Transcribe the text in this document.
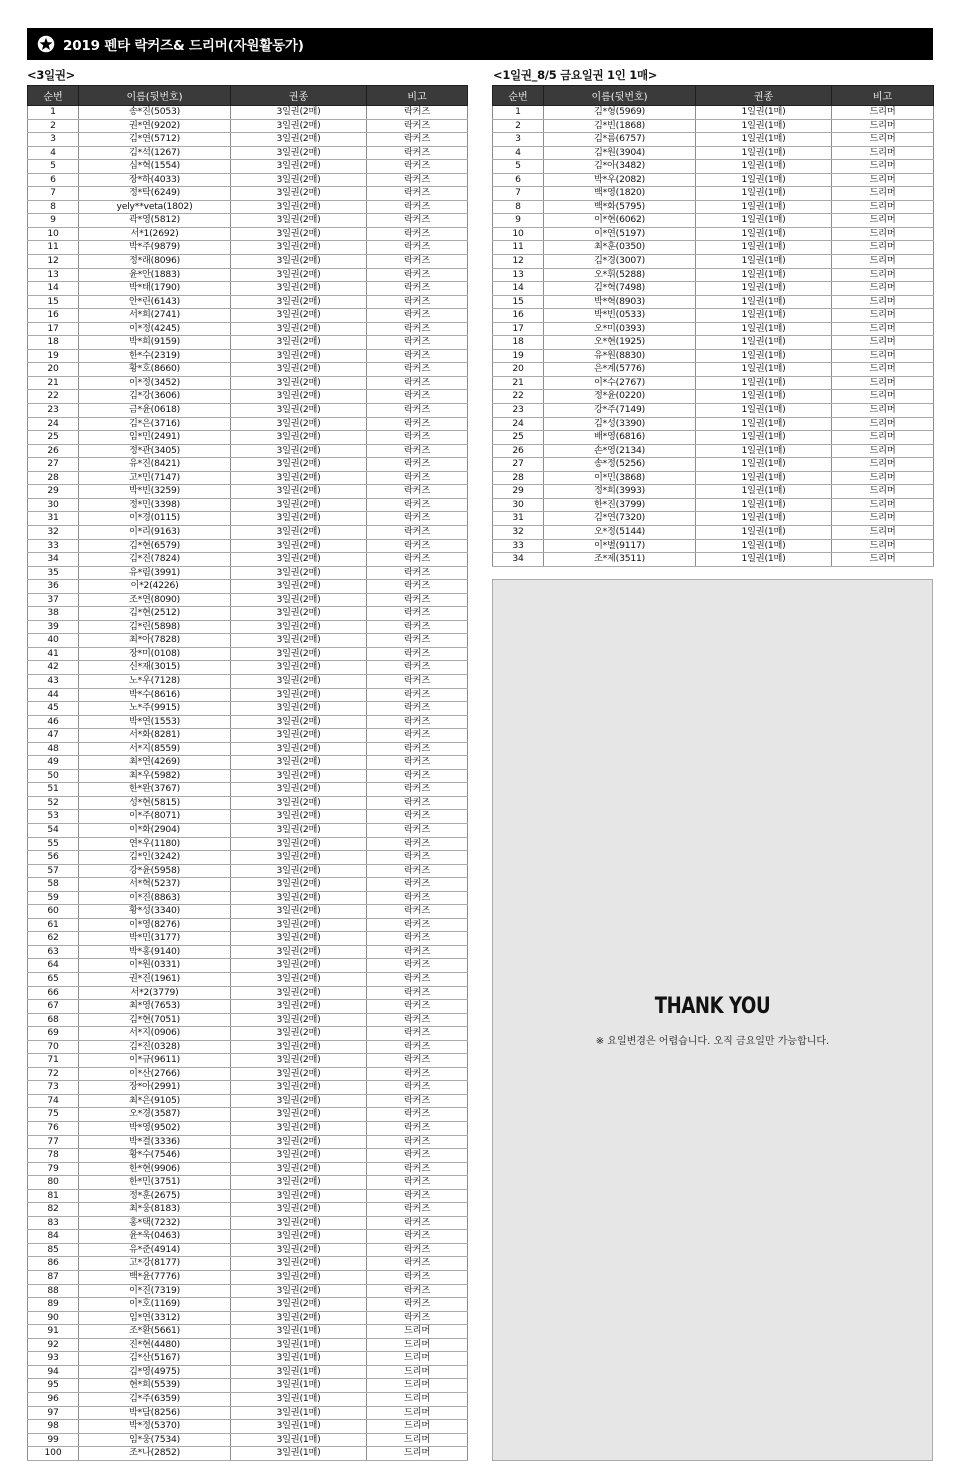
2019 펜타 락커즈& 드리머(자원활동가)
<3일권>	<1일권_8/5 금요일권 1인 1매>
순번	이름(뒷번호)	권종	비고
1	송*진(5053)	3일권(2매)	락커즈
2	권*연(9202)	3일권(2매)	락커즈
3	김*연(5712)	3일권(2매)	락커즈
4	김*석(1267)	3일권(2매)	락커즈
5	심*혁(1554)	3일권(2매)	락커즈
6	장*하(4033)	3일권(2매)	락커즈
7	정*탁(6249)	3일권(2매)	락커즈
8	yely**veta(1802)	3일권(2매)	락커즈
9	곽*영(5812)	3일권(2매)	락커즈
10	서*1(2692)	3일권(2매)	락커즈
11	박*주(9879)	3일권(2매)	락커즈
12	정*래(8096)	3일권(2매)	락커즈
13	윤*안(1883)	3일권(2매)	락커즈
14	박*태(1790)	3일권(2매)	락커즈
15	안*린(6143)	3일권(2매)	락커즈
16	서*희(2741)	3일권(2매)	락커즈
17	이*정(4245)	3일권(2매)	락커즈
18	박*희(9159)	3일권(2매)	락커즈
19	한*수(2319)	3일권(2매)	락커즈
20	황*호(8660)	3일권(2매)	락커즈
21	이*정(3452)	3일권(2매)	락커즈
22	김*강(3606)	3일권(2매)	락커즈
23	금*윤(0618)	3일권(2매)	락커즈
24	김*은(3716)	3일권(2매)	락커즈
25	임*민(2491)	3일권(2매)	락커즈
26	정*관(3405)	3일권(2매)	락커즈
27	유*진(8421)	3일권(2매)	락커즈
28	고*민(7147)	3일권(2매)	락커즈
29	박*빈(3259)	3일권(2매)	락커즈
30	정*민(3398)	3일권(2매)	락커즈
31	이*경(0115)	3일권(2매)	락커즈
32	이*리(9163)	3일권(2매)	락커즈
33	김*현(6579)	3일권(2매)	락커즈
34	김*진(7824)	3일권(2매)	락커즈
35	유*림(3991)	3일권(2매)	락커즈
36	이*2(4226)	3일권(2매)	락커즈
37	조*연(8090)	3일권(2매)	락커즈
38	김*현(2512)	3일권(2매)	락커즈
39	김*린(5898)	3일권(2매)	락커즈
40	최*아(7828)	3일권(2매)	락커즈
41	장*미(0108)	3일권(2매)	락커즈
42	신*재(3015)	3일권(2매)	락커즈
43	노*우(7128)	3일권(2매)	락커즈
44	박*수(8616)	3일권(2매)	락커즈
45	노*주(9915)	3일권(2매)	락커즈
46	박*연(1553)	3일권(2매)	락커즈
47	서*화(8281)	3일권(2매)	락커즈
48	서*지(8559)	3일권(2매)	락커즈
49	최*연(4269)	3일권(2매)	락커즈
50	최*우(5982)	3일권(2매)	락커즈
51	한*완(3767)	3일권(2매)	락커즈
52	성*현(5815)	3일권(2매)	락커즈
53	이*주(8071)	3일권(2매)	락커즈
54	이*화(2904)	3일권(2매)	락커즈
55	연*우(1180)	3일권(2매)	락커즈
56	김*인(3242)	3일권(2매)	락커즈
57	강*윤(5958)	3일권(2매)	락커즈
58	서*혁(5237)	3일권(2매)	락커즈
59	이*진(8863)	3일권(2매)	락커즈
60	황*성(3340)	3일권(2매)	락커즈
61	이*영(8276)	3일권(2매)	락커즈
62	박*민(3177)	3일권(2매)	락커즈
63	박*홍(9140)	3일권(2매)	락커즈
64	이*원(0331)	3일권(2매)	락커즈
65	권*진(1961)	3일권(2매)	락커즈
66	서*2(3779)	3일권(2매)	락커즈
67	최*영(7653)	3일권(2매)	락커즈
68	김*현(7051)	3일권(2매)	락커즈
69	서*지(0906)	3일권(2매)	락커즈
70	김*진(0328)	3일권(2매)	락커즈
71	이*규(9611)	3일권(2매)	락커즈
72	이*산(2766)	3일권(2매)	락커즈
73	장*아(2991)	3일권(2매)	락커즈
74	최*은(9105)	3일권(2매)	락커즈
75	오*경(3587)	3일권(2매)	락커즈
76	박*영(9502)	3일권(2매)	락커즈
77	박*결(3336)	3일권(2매)	락커즈
78	황*수(7546)	3일권(2매)	락커즈
79	한*현(9906)	3일권(2매)	락커즈
80	한*민(3751)	3일권(2매)	락커즈
81	정*훈(2675)	3일권(2매)	락커즈
82	최*웅(8183)	3일권(2매)	락커즈
83	홍*택(7232)	3일권(2매)	락커즈
84	윤*욱(0463)	3일권(2매)	락커즈
85	유*준(4914)	3일권(2매)	락커즈
86	고*강(8177)	3일권(2매)	락커즈
87	백*윤(7776)	3일권(2매)	락커즈
88	이*진(7319)	3일권(2매)	락커즈
89	이*호(1169)	3일권(2매)	락커즈
90	임*연(3312)	3일권(2매)	락커즈
91	조*환(5661)	3일권(1매)	드리머
92	진*현(4480)	3일권(1매)	드리머
93	김*산(5167)	3일권(1매)	드리머
94	김*영(4975)	3일권(1매)	드리머
95	현*희(5539)	3일권(1매)	드리머
96	김*주(6359)	3일권(1매)	드리머
97	박*담(8256)	3일권(1매)	드리머
98	박*정(5370)	3일권(1매)	드리머
99	임*웅(7534)	3일권(1매)	드리머
100	조*나(2852)	3일권(1매)	드리머
순번	이름(뒷번호)	권종	비고
1	김*형(5969)	1일권(1매)	드리머
2	김*빈(1868)	1일권(1매)	드리머
3	김*름(6757)	1일권(1매)	드리머
4	김*원(3904)	1일권(1매)	드리머
5	김*아(3482)	1일권(1매)	드리머
6	박*우(2082)	1일권(1매)	드리머
7	백*영(1820)	1일권(1매)	드리머
8	백*화(5795)	1일권(1매)	드리머
9	이*현(6062)	1일권(1매)	드리머
10	이*연(5197)	1일권(1매)	드리머
11	최*훈(0350)	1일권(1매)	드리머
12	김*경(3007)	1일권(1매)	드리머
13	오*휘(5288)	1일권(1매)	드리머
14	김*혁(7498)	1일권(1매)	드리머
15	박*혁(8903)	1일권(1매)	드리머
16	박*빈(0533)	1일권(1매)	드리머
17	오*미(0393)	1일권(1매)	드리머
18	오*현(1925)	1일권(1매)	드리머
19	유*원(8830)	1일권(1매)	드리머
20	은*계(5776)	1일권(1매)	드리머
21	이*수(2767)	1일권(1매)	드리머
22	정*윤(0220)	1일권(1매)	드리머
23	강*주(7149)	1일권(1매)	드리머
24	김*성(3390)	1일권(1매)	드리머
25	배*영(6816)	1일권(1매)	드리머
26	손*영(2134)	1일권(1매)	드리머
27	송*정(5256)	1일권(1매)	드리머
28	이*민(3868)	1일권(1매)	드리머
29	정*희(3993)	1일권(1매)	드리머
30	한*진(3799)	1일권(1매)	드리머
31	김*연(7320)	1일권(1매)	드리머
32	오*정(5144)	1일권(1매)	드리머
33	이*별(9117)	1일권(1매)	드리머
34	조*제(3511)	1일권(1매)	드리머
THANK YOU
※ 요일변경은 어렵습니다. 오직 금요일만 가능합니다.
